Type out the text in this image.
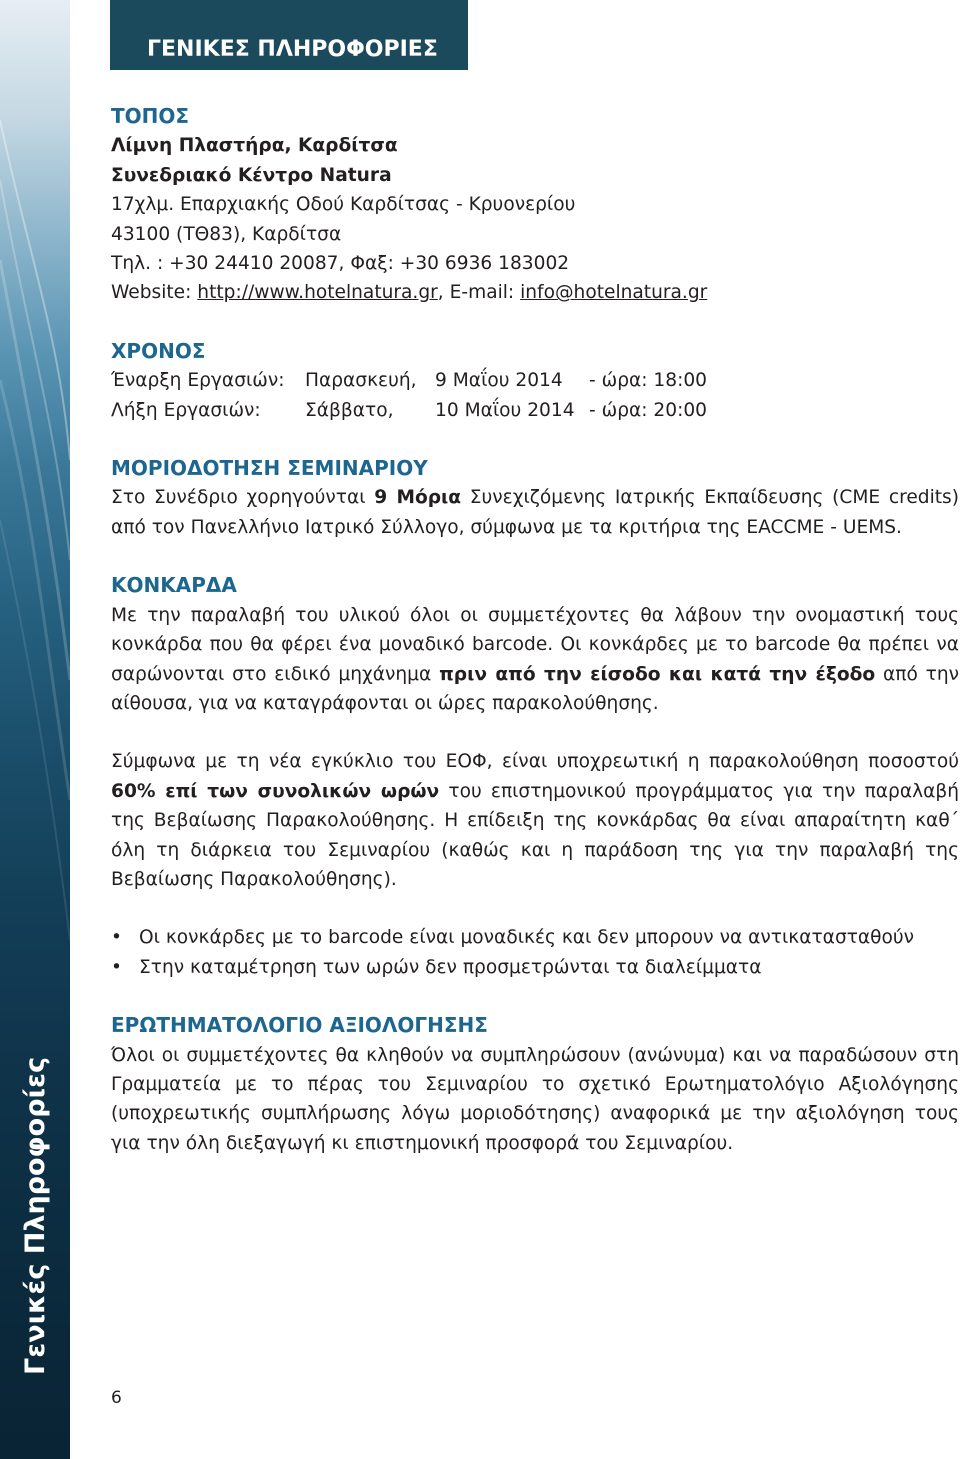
Γενικές Πληροφορίες
ΓΕΝΙΚΕΣ ΠΛΗΡΟΦΟΡΙΕΣ

ΤΟΠΟΣ

Λίμνη Πλαστήρα, Καρδίτσα

Συνεδριακό Κέντρο Natura

17χλμ. Επαρχιακής Οδού Καρδίτσας - Κρυονερίου

43100 (ΤΘ83), Καρδίτσα

Τηλ. : +30 24410 20087, Φαξ: +30 6936 183002

Website: http://www.hotelnatura.gr, E-mail: info@hotelnatura.gr

ΧΡΟΝΟΣ

Έναρξη Εργασιών:	Παρασκευή, 9 Μαΐου 2014	- ώρα: 18:00
Λήξη Εργασιών:	Σάββατο,	10 Μαΐου 2014 - ώρα: 20:00

ΜΟΡΙΟΔΟΤΗΣΗ ΣΕΜΙΝΑΡΙΟΥ

Στο Συνέδριο χορηγούνται 9 Μόρια Συνεχιζόμενης Ιατρικής Εκπαίδευσης (CME credits) από τον Πανελλήνιο Ιατρικό Σύλλογο, σύμφωνα με τα κριτήρια της EACCME - UEMS.

ΚΟΝΚΑΡΔΑ

Με την παραλαβή του υλικού όλοι οι συμμετέχοντες θα λάβουν την ονομαστική τους κονκάρδα που θα φέρει ένα μοναδικό barcode. Οι κονκάρδες με το barcode θα πρέπει να σαρώνονται στο ειδικό μηχάνημα πριν από την είσοδο και κατά την έξοδο από την αίθουσα, για να καταγράφονται οι ώρες παρακολούθησης.

Σύμφωνα με τη νέα εγκύκλιο του ΕΟΦ, είναι υποχρεωτική η παρακολούθηση ποσοστού 60% επί των συνολικών ωρών του επιστημονικού προγράμματος για την παραλαβή της Βεβαίωσης Παρακολούθησης. Η επίδειξη της κονκάρδας θα είναι απαραίτητη καθ΄ όλη τη διάρκεια του Σεμιναρίου (καθώς και η παράδοση της για την παραλαβή της Βεβαίωσης Παρακολούθησης).

• Οι κονκάρδες με το barcode είναι μοναδικές και δεν μπορουν να αντικατασταθούν
• Στην καταμέτρηση των ωρών δεν προσμετρώνται τα διαλείμματα

ΕΡΩΤΗΜΑΤΟΛΟΓΙΟ ΑΞΙΟΛΟΓΗΣΗΣ

Όλοι οι συμμετέχοντες θα κληθούν να συμπληρώσουν (ανώνυμα) και να παραδώσουν στη Γραμματεία με το πέρας του Σεμιναρίου το σχετικό Ερωτηματολόγιο Αξιολόγησης (υποχρεωτικής συμπλήρωσης λόγω μοριοδότησης) αναφορικά με την αξιολόγηση τους για την όλη διεξαγωγή κι επιστημονική προσφορά του Σεμιναρίου.

6
